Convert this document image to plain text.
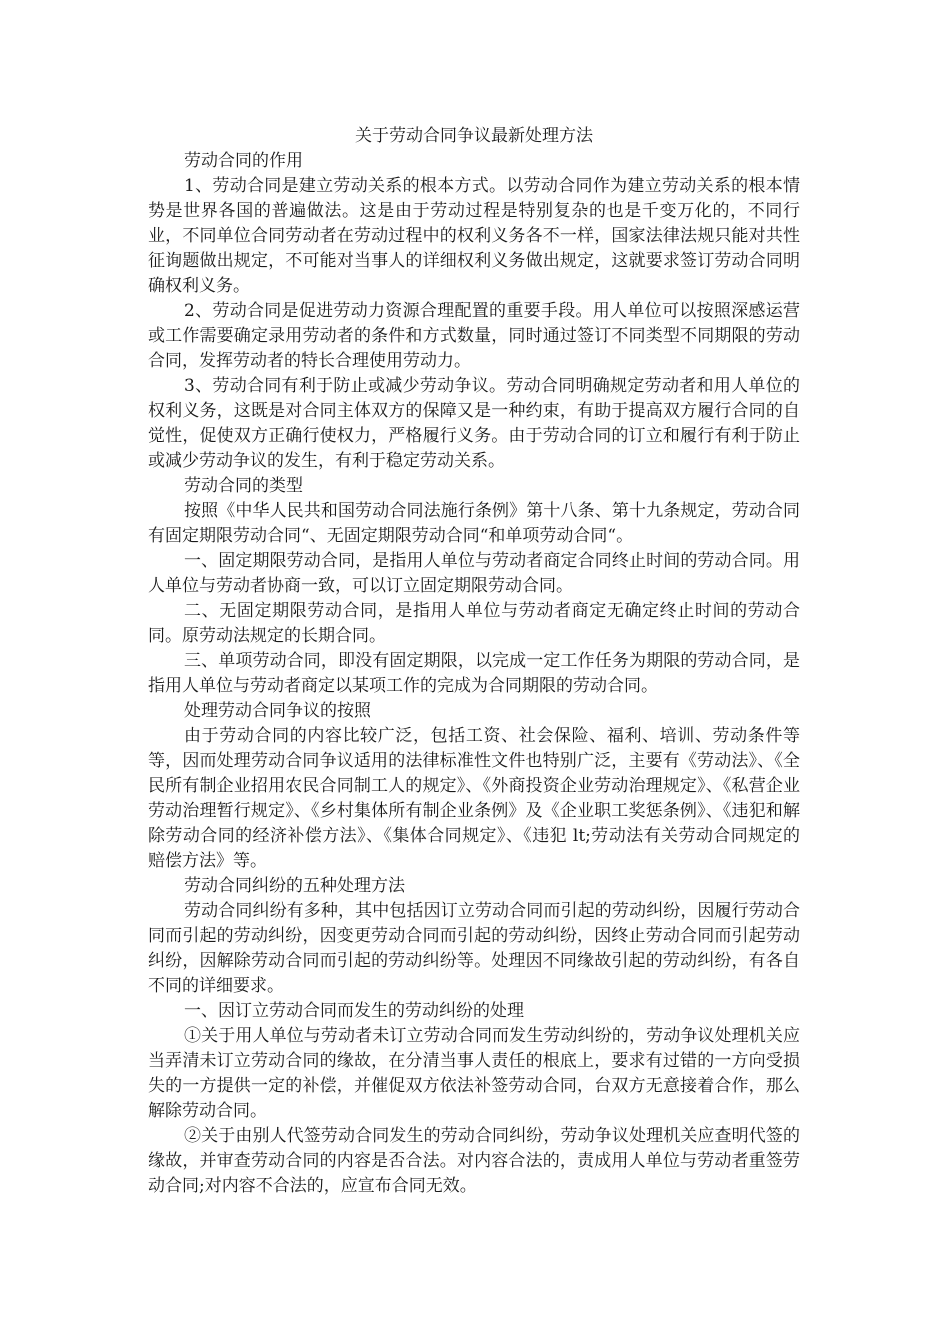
关于劳动合同争议最新处理方法

劳动合同的作用

1、劳动合同是建立劳动关系的根本方式。以劳动合同作为建立劳动关系的根本情势是世界各国的普遍做法。这是由于劳动过程是特别复杂的也是千变万化的，不同行业，不同单位合同劳动者在劳动过程中的权利义务各不一样，国家法律法规只能对共性征询题做出规定，不可能对当事人的详细权利义务做出规定，这就要求签订劳动合同明确权利义务。

2、劳动合同是促进劳动力资源合理配置的重要手段。用人单位可以按照深感运营或工作需要确定录用劳动者的条件和方式数量，同时通过签订不同类型不同期限的劳动合同，发挥劳动者的特长合理使用劳动力。

3、劳动合同有利于防止或减少劳动争议。劳动合同明确规定劳动者和用人单位的权利义务，这既是对合同主体双方的保障又是一种约束，有助于提高双方履行合同的自觉性，促使双方正确行使权力，严格履行义务。由于劳动合同的订立和履行有利于防止或减少劳动争议的发生，有利于稳定劳动关系。

劳动合同的类型

按照《中华人民共和国劳动合同法施行条例》第十八条、第十九条规定，劳动合同有固定期限劳动合同“、无固定期限劳动合同“和单项劳动合同“。

一、固定期限劳动合同，是指用人单位与劳动者商定合同终止时间的劳动合同。用人单位与劳动者协商一致，可以订立固定期限劳动合同。

二、无固定期限劳动合同，是指用人单位与劳动者商定无确定终止时间的劳动合同。原劳动法规定的长期合同。

三、单项劳动合同，即没有固定期限，以完成一定工作任务为期限的劳动合同，是指用人单位与劳动者商定以某项工作的完成为合同期限的劳动合同。

处理劳动合同争议的按照

由于劳动合同的内容比较广泛，包括工资、社会保险、福利、培训、劳动条件等等，因而处理劳动合同争议适用的法律标准性文件也特别广泛，主要有《劳动法》、《全民所有制企业招用农民合同制工人的规定》、《外商投资企业劳动治理规定》、《私营企业劳动治理暂行规定》、《乡村集体所有制企业条例》及《企业职工奖惩条例》、《违犯和解除劳动合同的经济补偿方法》、《集体合同规定》、《违犯 lt;劳动法有关劳动合同规定的赔偿方法》等。

劳动合同纠纷的五种处理方法

劳动合同纠纷有多种，其中包括因订立劳动合同而引起的劳动纠纷，因履行劳动合同而引起的劳动纠纷，因变更劳动合同而引起的劳动纠纷，因终止劳动合同而引起劳动纠纷，因解除劳动合同而引起的劳动纠纷等。处理因不同缘故引起的劳动纠纷，有各自不同的详细要求。

一、因订立劳动合同而发生的劳动纠纷的处理

①关于用人单位与劳动者未订立劳动合同而发生劳动纠纷的，劳动争议处理机关应当弄清未订立劳动合同的缘故，在分清当事人责任的根底上，要求有过错的一方向受损失的一方提供一定的补偿，并催促双方依法补签劳动合同，台双方无意接着合作，那么解除劳动合同。

②关于由别人代签劳动合同发生的劳动合同纠纷，劳动争议处理机关应查明代签的缘故，并审查劳动合同的内容是否合法。对内容合法的，责成用人单位与劳动者重签劳动合同;对内容不合法的，应宣布合同无效。
